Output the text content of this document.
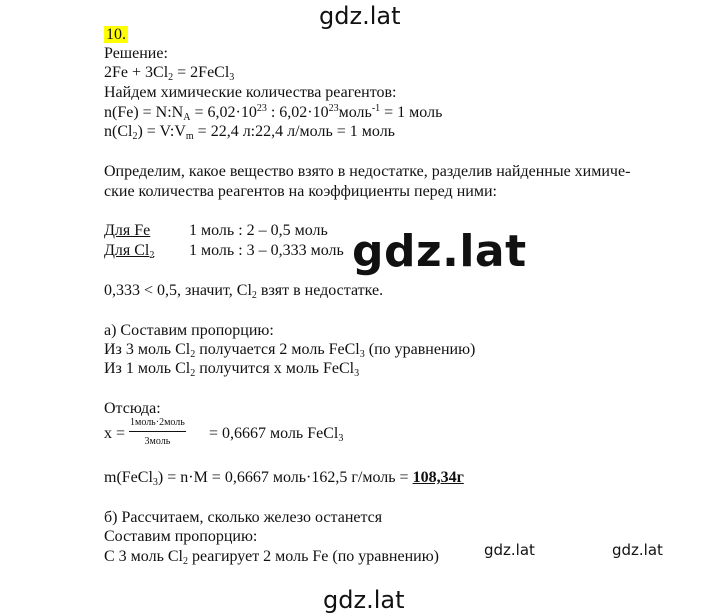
gdz.lat
gdz.lat
gdz.lat	gdz.lat
gdz.lat
10.
Решение:
$2Fe + 3Cl_2$ = 2FeCl$_3$
Найдем химические количества реагентов:
$n(Fe) = N:N_A = 6,02\cdot 10^{23}$ : $6,02\cdot 10^{23}моль^{-1} = 1$ моль
$n(Cl_2)$ = $V:V_m = 22,4$ л:22,4 л/моль = 1 моль
Определим, какое вещество взято в недостатке, разделив найденные химиче-
ские количества реагентов на коэффициенты перед ними:
Для Fe 1 моль : 2 – 0,5 моль
Для $Cl_2$ 1 моль : 3 – 0,333 моль
0,333 < 0,5, значит, $Cl_2$ взят в недостатке.
а) Составим пропорцию:
Из 3 моль $Cl_2$ получается 2 моль FeCl$_3$ (по уравнению)
Из 1 моль $Cl_2$ получится х моль FeCl$_3$
Отсюда:
х =
1моль·2моль
3моль = 0,6667 моль FeCl$_3$
m(FeCl$_3$) = n·M = 0,6667 моль·162,5 г/моль = 108,34г
б) Рассчитаем, сколько железо останется
Составим пропорцию:
С 3 моль $Cl_2$ реагирует 2 моль Fe (по уравнению)
